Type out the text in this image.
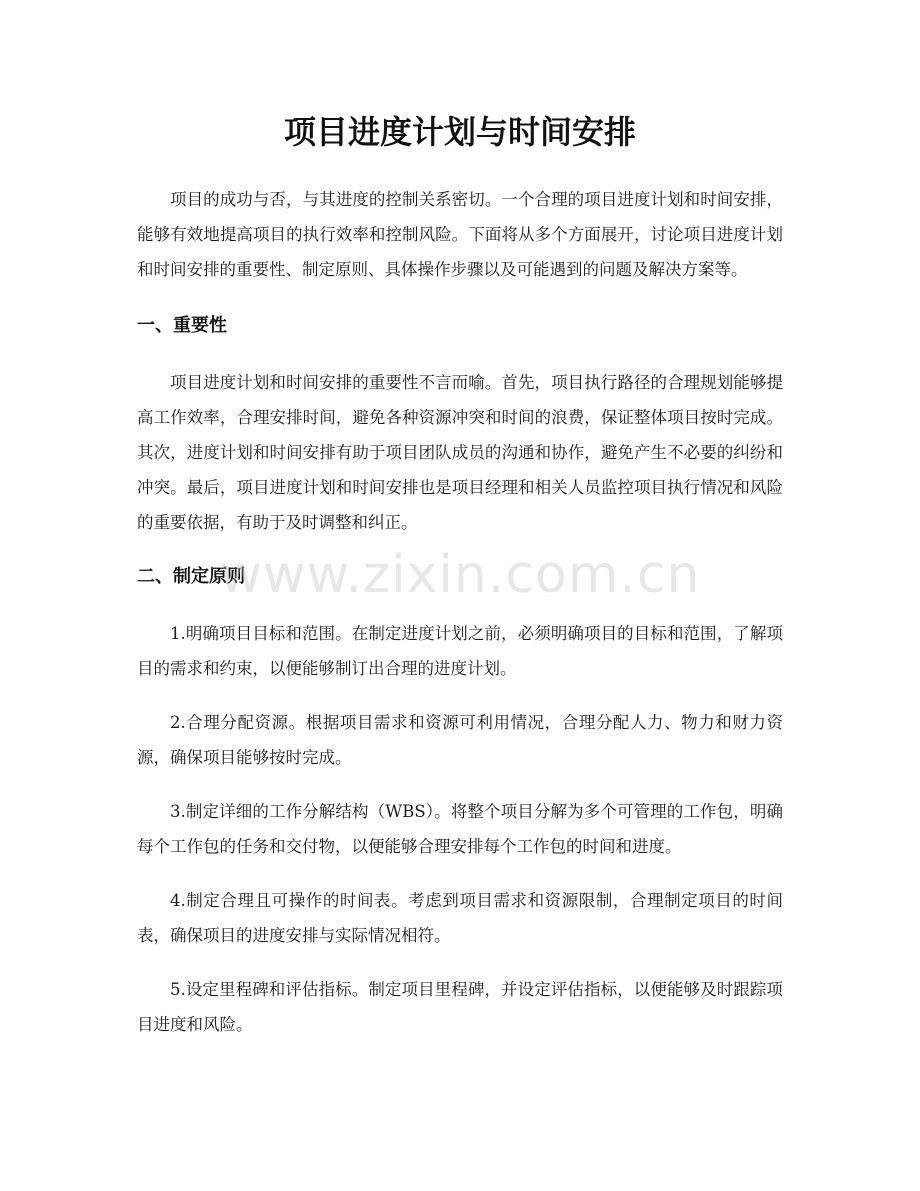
项目进度计划与时间安排

项目的成功与否，与其进度的控制关系密切。一个合理的项目进度计划和时间安排，能够有效地提高项目的执行效率和控制风险。下面将从多个方面展开，讨论项目进度计划和时间安排的重要性、制定原则、具体操作步骤以及可能遇到的问题及解决方案等。

一、重要性

项目进度计划和时间安排的重要性不言而喻。首先，项目执行路径的合理规划能够提高工作效率，合理安排时间，避免各种资源冲突和时间的浪费，保证整体项目按时完成。其次，进度计划和时间安排有助于项目团队成员的沟通和协作，避免产生不必要的纠纷和冲突。最后，项目进度计划和时间安排也是项目经理和相关人员监控项目执行情况和风险的重要依据，有助于及时调整和纠正。

二、制定原则

1.明确项目目标和范围。在制定进度计划之前，必须明确项目的目标和范围，了解项目的需求和约束，以便能够制订出合理的进度计划。

2.合理分配资源。根据项目需求和资源可利用情况，合理分配人力、物力和财力资源，确保项目能够按时完成。

3.制定详细的工作分解结构（WBS）。将整个项目分解为多个可管理的工作包，明确每个工作包的任务和交付物，以便能够合理安排每个工作包的时间和进度。

4.制定合理且可操作的时间表。考虑到项目需求和资源限制，合理制定项目的时间表，确保项目的进度安排与实际情况相符。

5.设定里程碑和评估指标。制定项目里程碑，并设定评估指标，以便能够及时跟踪项目进度和风险。

www.zixin.com.cn
